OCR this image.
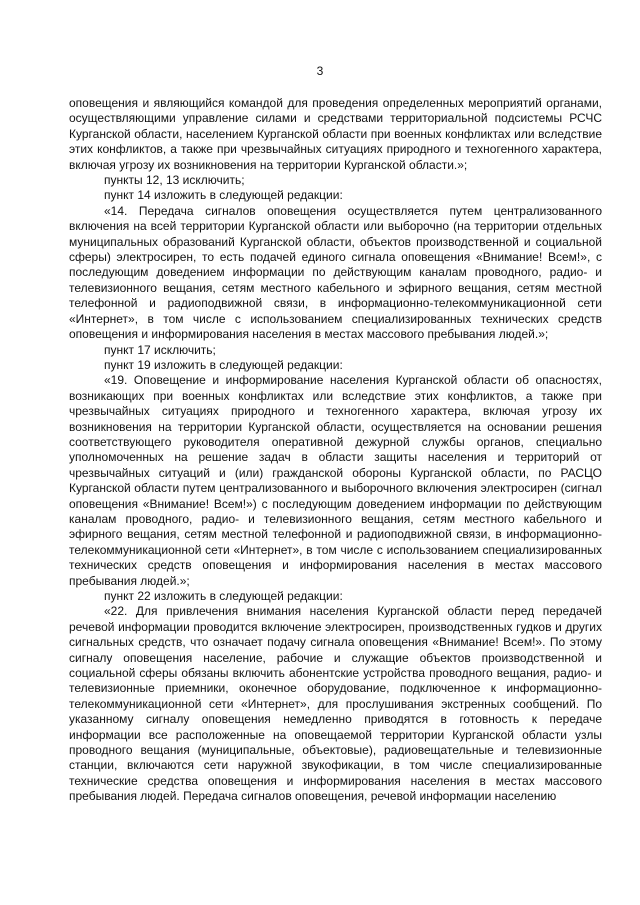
3

оповещения и являющийся командой для проведения определенных мероприятий органами, осуществляющими управление силами и средствами территориальной подсистемы РСЧС Курганской области, населением Курганской области при военных конфликтах или вследствие этих конфликтов, а также при чрезвычайных ситуациях природного и техногенного характера, включая угрозу их возникновения на территории Курганской области.»;

пункты 12, 13 исключить;

пункт 14 изложить в следующей редакции:

«14. Передача сигналов оповещения осуществляется путем централизованного включения на всей территории Курганской области или выборочно (на территории отдельных муниципальных образований Курганской области, объектов производственной и социальной сферы) электросирен, то есть подачей единого сигнала оповещения «Внимание! Всем!», с последующим доведением информации по действующим каналам проводного, радио- и телевизионного вещания, сетям местного кабельного и эфирного вещания, сетям местной телефонной и радиоподвижной связи, в информационно-телекоммуникационной сети «Интернет», в том числе с использованием специализированных технических средств оповещения и информирования населения в местах массового пребывания людей.»;

пункт 17 исключить;

пункт 19 изложить в следующей редакции:

«19. Оповещение и информирование населения Курганской области об опасностях, возникающих при военных конфликтах или вследствие этих конфликтов, а также при чрезвычайных ситуациях природного и техногенного характера, включая угрозу их возникновения на территории Курганской области, осуществляется на основании решения соответствующего руководителя оперативной дежурной службы органов, специально уполномоченных на решение задач в области защиты населения и территорий от чрезвычайных ситуаций и (или) гражданской обороны Курганской области, по РАСЦО Курганской области путем централизованного и выборочного включения электросирен (сигнал оповещения «Внимание! Всем!») с последующим доведением информации по действующим каналам проводного, радио- и телевизионного вещания, сетям местного кабельного и эфирного вещания, сетям местной телефонной и радиоподвижной связи, в информационно-телекоммуникационной сети «Интернет», в том числе с использованием специализированных технических средств оповещения и информирования населения в местах массового пребывания людей.»;

пункт 22 изложить в следующей редакции:

«22. Для привлечения внимания населения Курганской области перед передачей речевой информации проводится включение электросирен, производственных гудков и других сигнальных средств, что означает подачу сигнала оповещения «Внимание! Всем!». По этому сигналу оповещения население, рабочие и служащие объектов производственной и социальной сферы обязаны включить абонентские устройства проводного вещания, радио- и телевизионные приемники, оконечное оборудование, подключенное к информационно-телекоммуникационной сети «Интернет», для прослушивания экстренных сообщений. По указанному сигналу оповещения немедленно приводятся в готовность к передаче информации все расположенные на оповещаемой территории Курганской области узлы проводного вещания (муниципальные, объектовые), радиовещательные и телевизионные станции, включаются сети наружной звукофикации, в том числе специализированные технические средства оповещения и информирования населения в местах массового пребывания людей. Передача сигналов оповещения, речевой информации населению
